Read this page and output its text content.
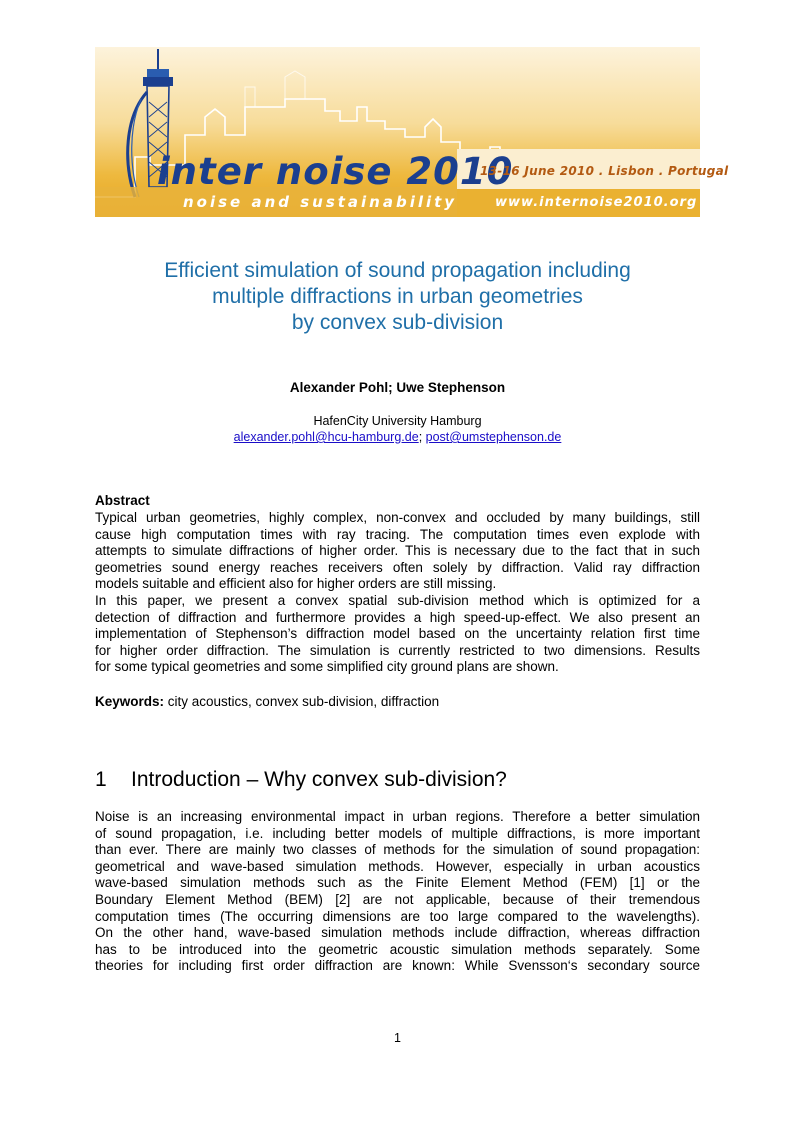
inter noise 2010
noise and sustainability
13-16 June 2010 . Lisbon . Portugal
www.internoise2010.org
Efficient simulation of sound propagation including
multiple diffractions in urban geometries
by convex sub-division
Alexander Pohl; Uwe Stephenson
HafenCity University Hamburg
alexander.pohl@hcu-hamburg.de; post@umstephenson.de
Abstract
Typical urban geometries, highly complex, non-convex and occluded by many buildings, still
cause high computation times with ray tracing. The computation times even explode with
attempts to simulate diffractions of higher order. This is necessary due to the fact that in such
geometries sound energy reaches receivers often solely by diffraction. Valid ray diffraction
models suitable and efficient also for higher orders are still missing.
In this paper, we present a convex spatial sub-division method which is optimized for a
detection of diffraction and furthermore provides a high speed-up-effect. We also present an
implementation of Stephenson’s diffraction model based on the uncertainty relation first time
for higher order diffraction. The simulation is currently restricted to two dimensions. Results
for some typical geometries and some simplified city ground plans are shown.
Keywords: city acoustics, convex sub-division, diffraction
1 Introduction – Why convex sub-division?
Noise is an increasing environmental impact in urban regions. Therefore a better simulation
of sound propagation, i.e. including better models of multiple diffractions, is more important
than ever. There are mainly two classes of methods for the simulation of sound propagation:
geometrical and wave-based simulation methods. However, especially in urban acoustics
wave-based simulation methods such as the Finite Element Method (FEM) [1] or the
Boundary Element Method (BEM) [2] are not applicable, because of their tremendous
computation times (The occurring dimensions are too large compared to the wavelengths).
On the other hand, wave-based simulation methods include diffraction, whereas diffraction
has to be introduced into the geometric acoustic simulation methods separately. Some
theories for including first order diffraction are known: While Svensson‘s secondary source
1
